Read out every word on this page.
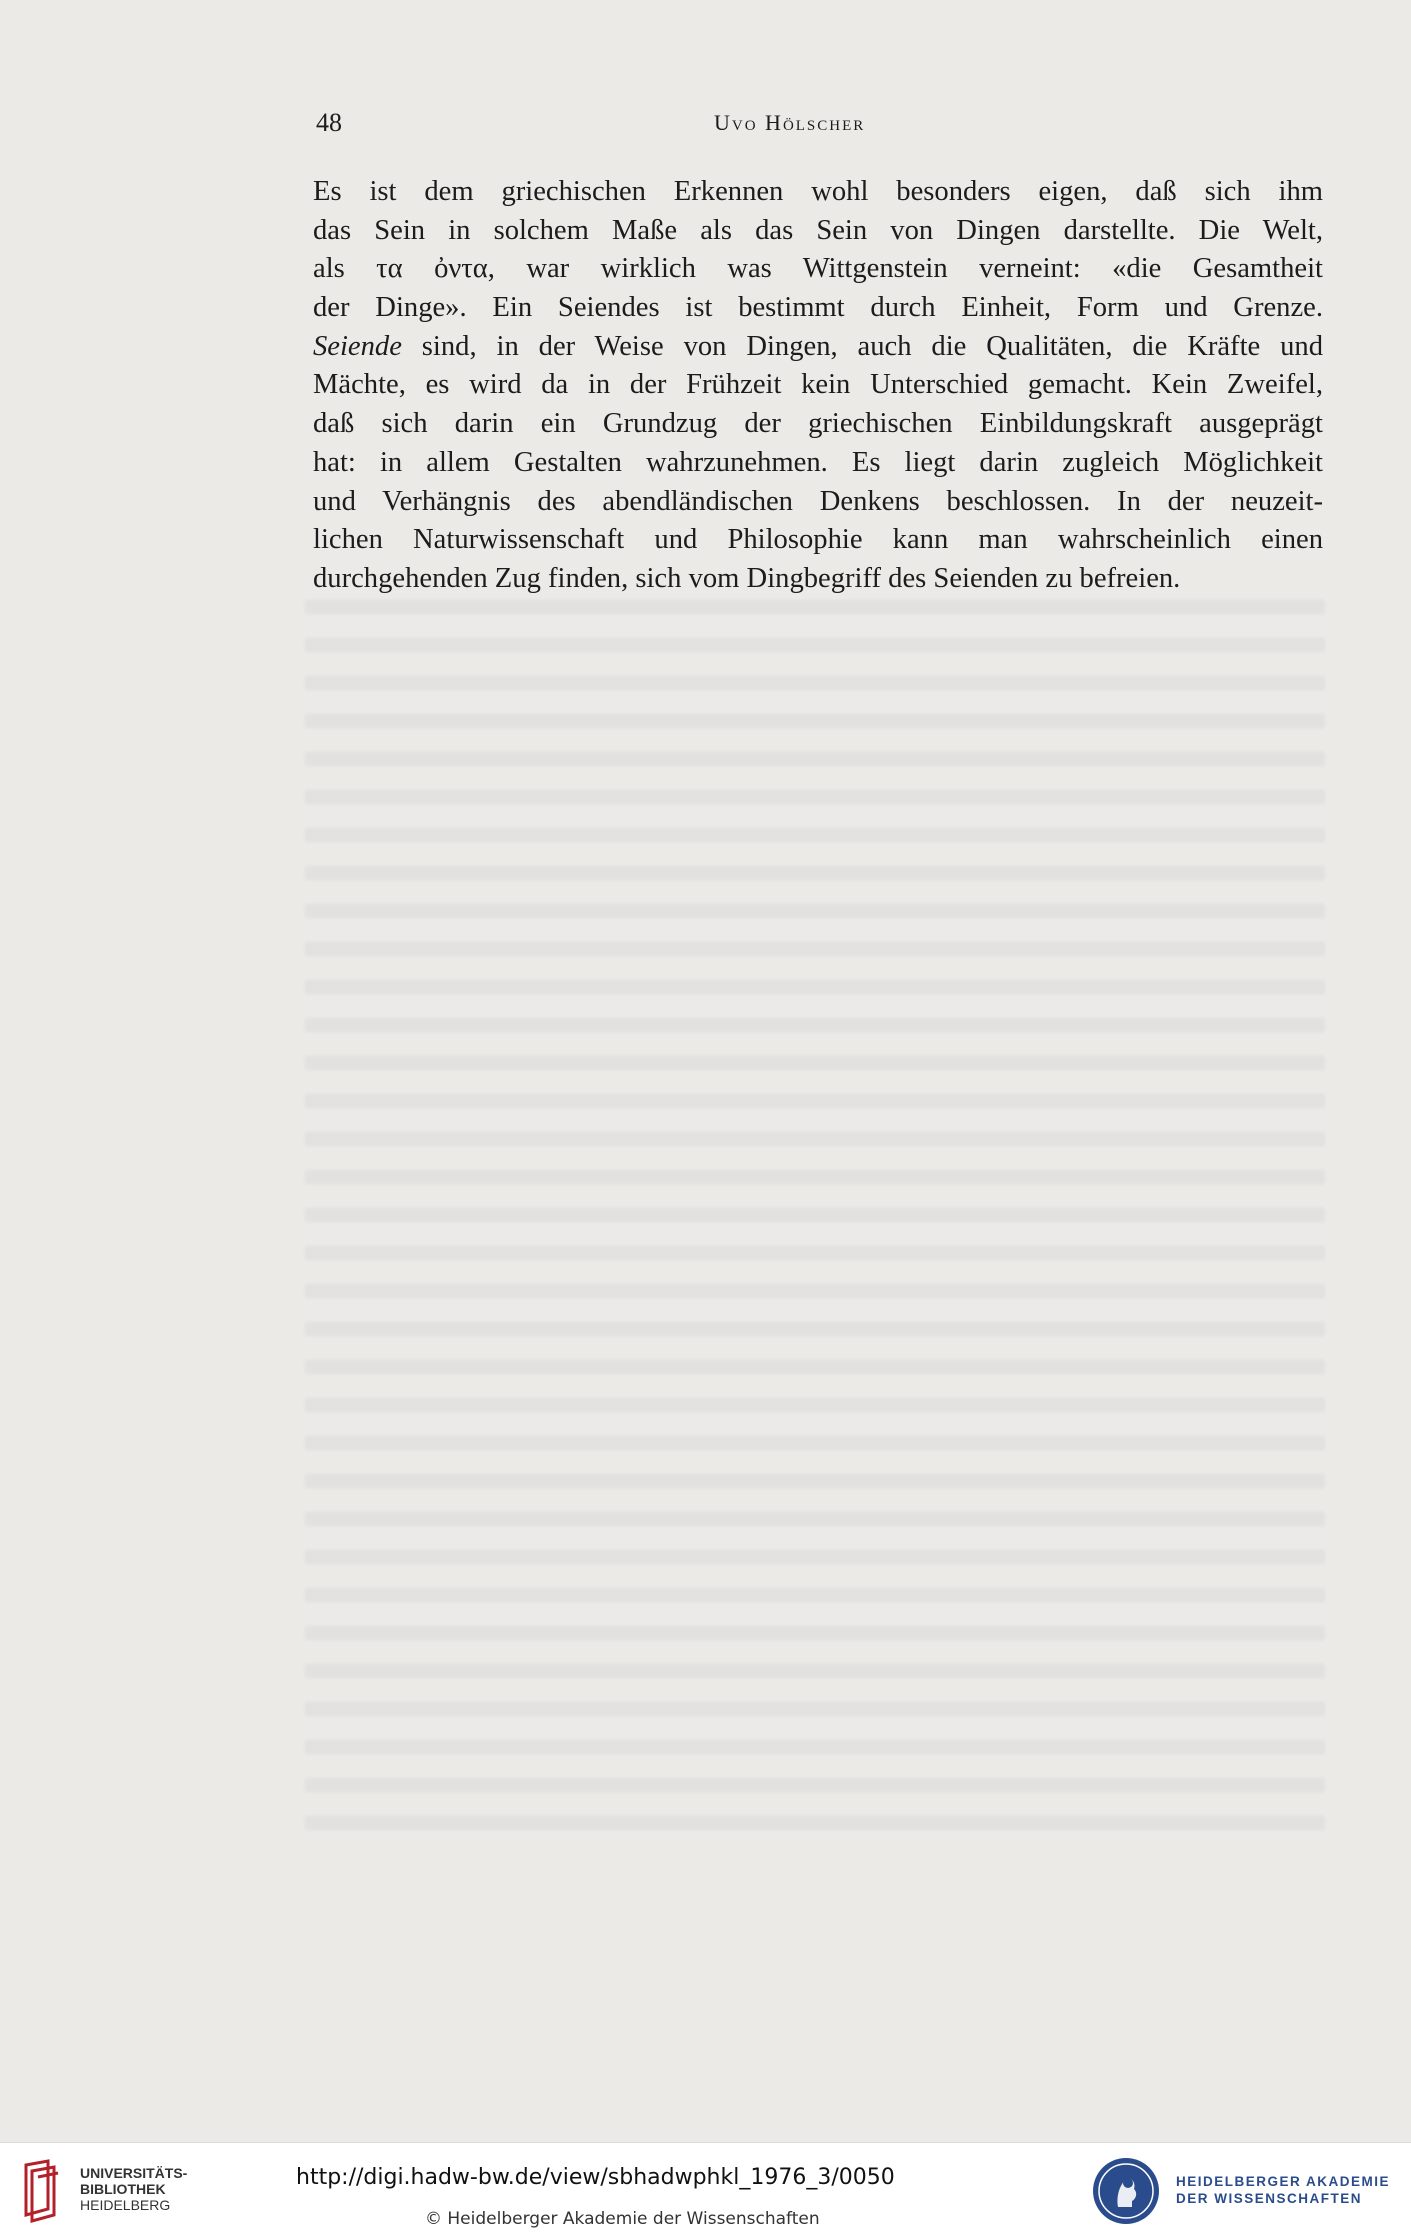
48	Uvo Hölscher
Es ist dem griechischen Erkennen wohl besonders eigen, daß sich ihm
das Sein in solchem Maße als das Sein von Dingen darstellte. Die Welt,
als τα ὀντα, war wirklich was Wittgenstein verneint: «die Gesamtheit
der Dinge». Ein Seiendes ist bestimmt durch Einheit, Form und Grenze.
Seiende sind, in der Weise von Dingen, auch die Qualitäten, die Kräfte und
Mächte, es wird da in der Frühzeit kein Unterschied gemacht. Kein Zweifel,
daß sich darin ein Grundzug der griechischen Einbildungskraft ausgeprägt
hat: in allem Gestalten wahrzunehmen. Es liegt darin zugleich Möglichkeit
und Verhängnis des abendländischen Denkens beschlossen. In der neuzeit-
lichen Naturwissenschaft und Philosophie kann man wahrscheinlich einen
durchgehenden Zug finden, sich vom Dingbegriff des Seienden zu befreien.
UNIVERSITÄTS-
BIBLIOTHEK
HEIDELBERG
http://digi.hadw-bw.de/view/sbhadwphkl_1976_3/0050
© Heidelberger Akademie der Wissenschaften
HEIDELBERGER AKADEMIE
DER WISSENSCHAFTEN
